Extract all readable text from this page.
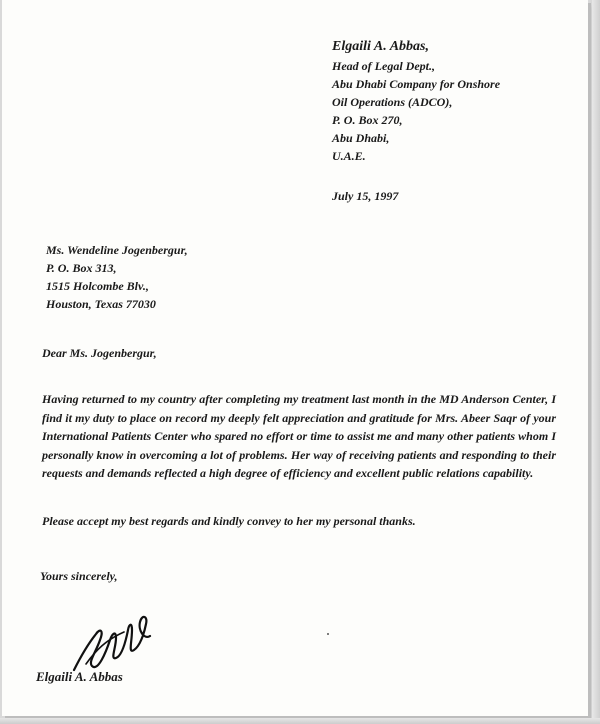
Elgaili A. Abbas,
Head of Legal Dept.,
Abu Dhabi Company for Onshore
Oil Operations (ADCO),
P. O. Box 270,
Abu Dhabi,
U.A.E.
July 15, 1997
Ms. Wendeline Jogenbergur,
P. O. Box 313,
1515 Holcombe Blv.,
Houston, Texas 77030
Dear Ms. Jogenbergur,
Having returned to my country after completing my treatment last month in the MD Anderson Center, I find it my duty to place on record my deeply felt appreciation and gratitude for Mrs. Abeer Saqr of your International Patients Center who spared no effort or time to assist me and many other patients whom I personally know in overcoming a lot of problems. Her way of receiving patients and responding to their requests and demands reflected a high degree of efficiency and excellent public relations capability.
Please accept my best regards and kindly convey to her my personal thanks.
Yours sincerely,
Elgaili A. Abbas
